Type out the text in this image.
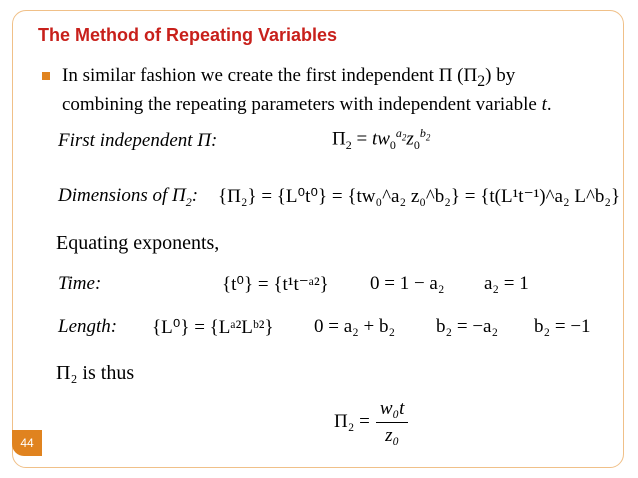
The Method of Repeating Variables
In similar fashion we create the first independent Π $(\Pi_2)$ by
combining the repeating parameters with independent variable t.
First independent Π:	$\Pi_2 = tw_0^{a_2}z_0^{b_2}$
Dimensions of $\Pi_2$: {Π₂} = {L⁰t⁰} = {tw₀^a₂ z₀^b₂} = {t(L¹t⁻¹)^a₂ L^b₂}
Equating exponents,
Time:	{t⁰} = {t¹t⁻ᵃ²} 0 = 1 − a₂ a₂ = 1
Length: {L⁰} = {Lᵃ²Lᵇ²} 0 = a₂ + b₂ b₂ = −a₂ b₂ = −1
Π₂ is thus
$\Pi_2 = \frac{\text{w₀t}}{\text{z₀}}$
44
